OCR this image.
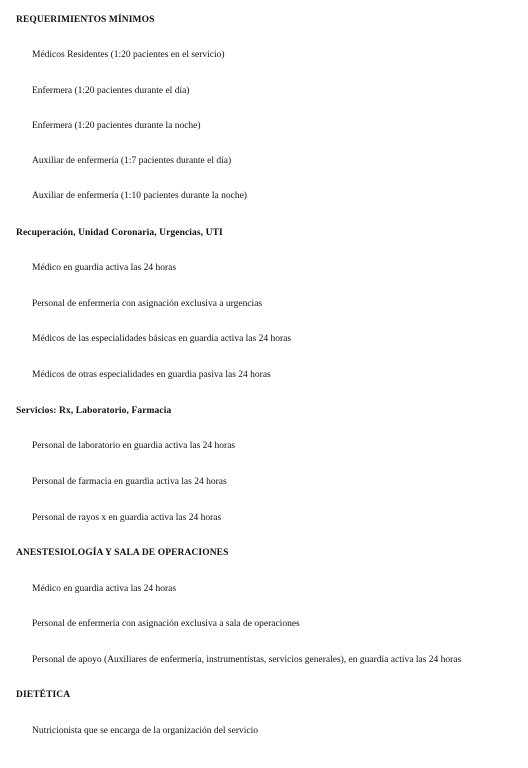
REQUERIMIENTOS MÍNIMOS
Médicos Residentes (1:20 pacientes en el servicio)
Enfermera (1:20 pacientes durante el día)
Enfermera (1:20 pacientes durante la noche)
Auxiliar de enfermería (1:7 pacientes durante el día)
Auxiliar de enfermería (1:10 pacientes durante la noche)
Recuperación, Unidad Coronaria, Urgencias, UTI
Médico en guardia activa las 24 horas
Personal de enfermería con asignación exclusiva a urgencias
Médicos de las especialidades básicas en guardia activa las 24 horas
Médicos de otras especialidades en guardia pasiva las 24 horas
Servicios: Rx, Laboratorio, Farmacia
Personal de laboratorio en guardia activa las 24 horas
Personal de farmacia en guardia activa las 24 horas
Personal de rayos x en guardia activa las 24 horas
ANESTESIOLOGÍA Y SALA DE OPERACIONES
Médico en guardia activa las 24 horas
Personal de enfermería con asignación exclusiva a sala de operaciones
Personal de apoyo (Auxiliares de enfermería, instrumentistas, servicios generales), en guardia activa las 24 horas
DIETÉTICA
Nutricionista que se encarga de la organización del servicio
